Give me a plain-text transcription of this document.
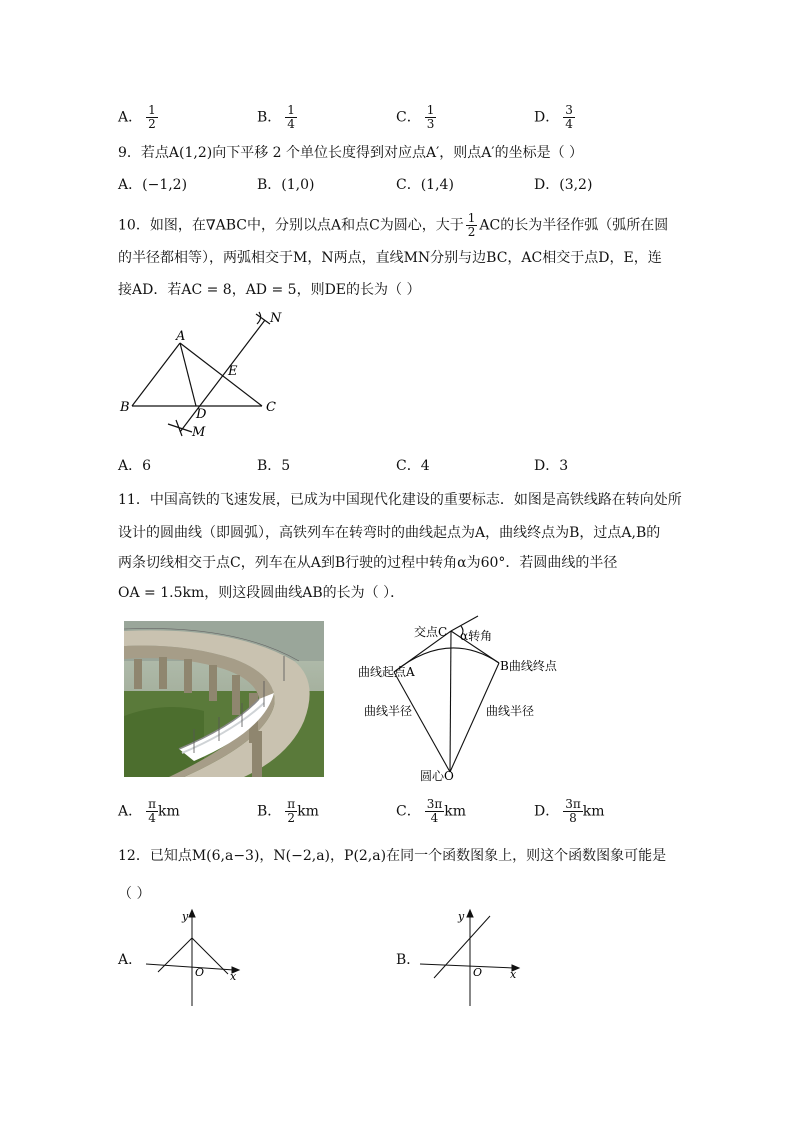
A． $\frac{1}{2}$	B． $\frac{1}{4}$	C． $\frac{1}{3}$	D． $\frac{3}{4}$
9．若点A(1,2)向下平移 2 个单位长度得到对应点A′，则点A′的坐标是（ ）
A．(−1,2)	B．(1,0)	C．(1,4)	D．(3,2)
10．如图，在∇ABC中，分别以点A和点C为圆心，大于 $\frac{1}{2}$ AC的长为半径作弧（弧所在圆
的半径都相等），两弧相交于M，N两点，直线MN分别与边BC，AC相交于点D，E，连
接AD．若AC = 8，AD = 5，则DE的长为（ ）
A
B	C
D
E
M
N
A．6	B．5	C．4	D．3
11．中国高铁的飞速发展，已成为中国现代化建设的重要标志．如图是高铁线路在转向处所
设计的圆曲线（即圆弧），高铁列车在转弯时的曲线起点为A，曲线终点为B，过点A,B的
两条切线相交于点C，列车在从A到B行驶的过程中转角α为60°．若圆曲线的半径
OA = 1.5km，则这段圆曲线AB的长为（ ）．
交点C α转角
曲线起点A	B曲线终点
曲线半径	曲线半径
圆心O
A． $\frac{\pi}{4}$ km	B． $\frac{\pi}{2}$ km	C． $\frac{3\pi}{4}$ km	D． $\frac{3\pi}{8}$ km
12．已知点M(6,a−3)，N(−2,a)，P(2,a)在同一个函数图象上，则这个函数图象可能是
（ ）
A．
y
O x
B．
y
O	x
